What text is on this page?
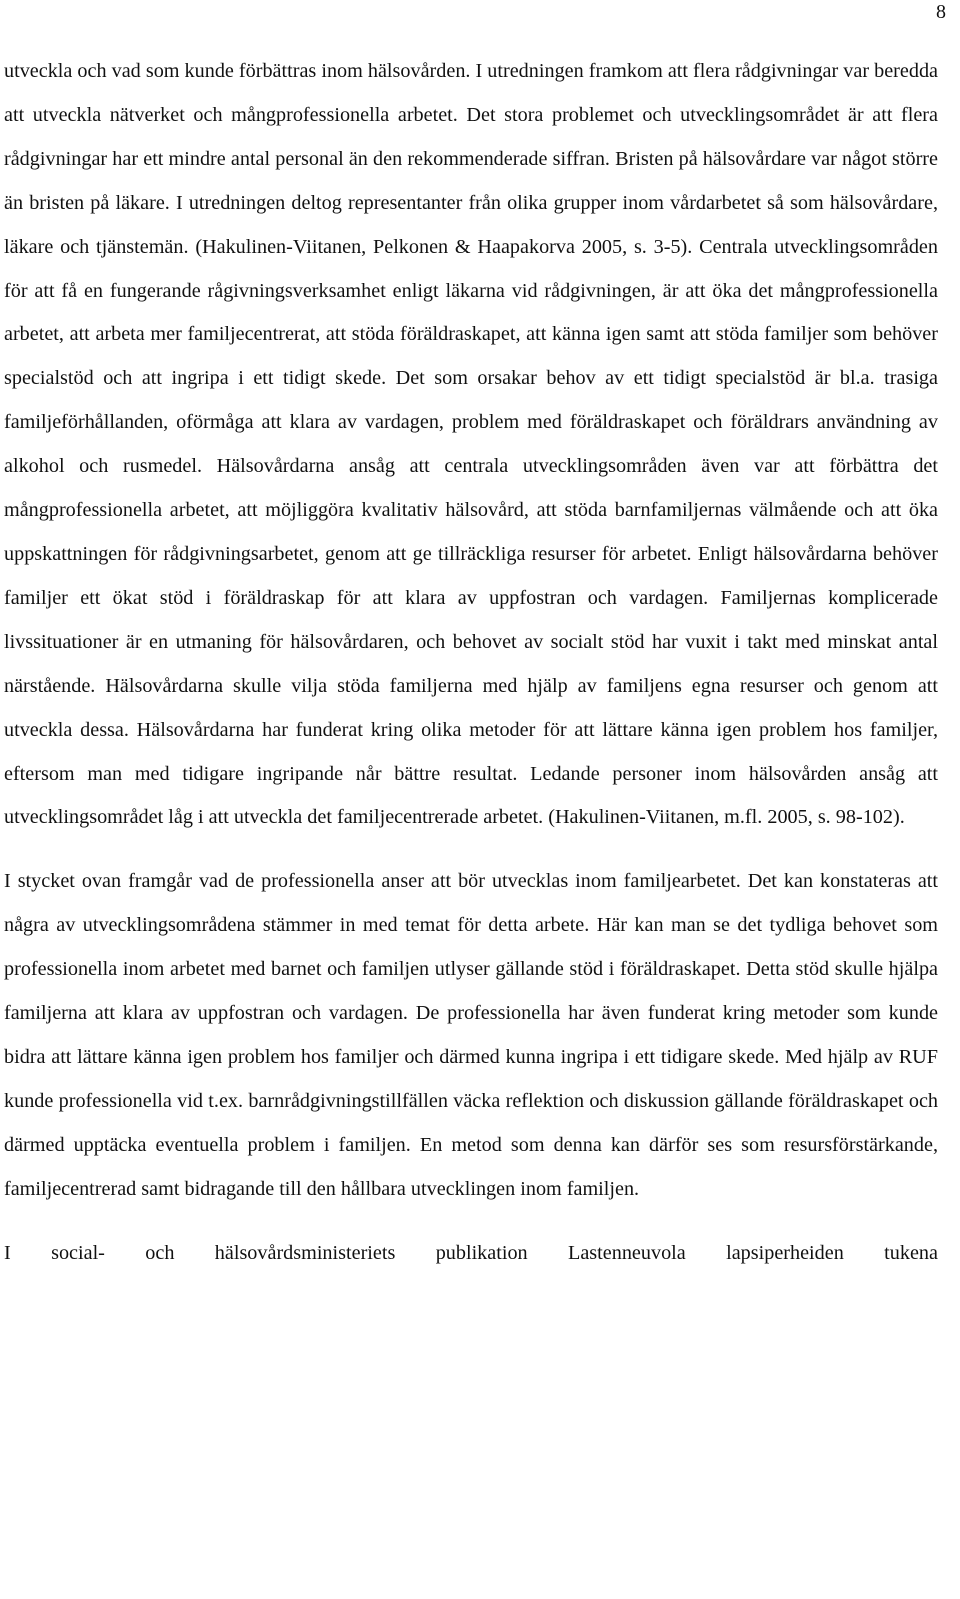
8

utveckla och vad som kunde förbättras inom hälsovården. I utredningen framkom att flera rådgivningar var beredda att utveckla nätverket och mångprofessionella arbetet. Det stora problemet och utvecklingsområdet är att flera rådgivningar har ett mindre antal personal än den rekommenderade siffran. Bristen på hälsovårdare var något större än bristen på läkare. I utredningen deltog representanter från olika grupper inom vårdarbetet så som hälsovårdare, läkare och tjänstemän. (Hakulinen-Viitanen, Pelkonen & Haapakorva 2005, s. 3-5). Centrala utvecklingsområden för att få en fungerande rågivningsverksamhet enligt läkarna vid rådgivningen, är att öka det mångprofessionella arbetet, att arbeta mer familjecentrerat, att stöda föräldraskapet, att känna igen samt att stöda familjer som behöver specialstöd och att ingripa i ett tidigt skede. Det som orsakar behov av ett tidigt specialstöd är bl.a. trasiga familjeförhållanden, oförmåga att klara av vardagen, problem med föräldraskapet och föräldrars användning av alkohol och rusmedel. Hälsovårdarna ansåg att centrala utvecklingsområden även var att förbättra det mångprofessionella arbetet, att möjliggöra kvalitativ hälsovård, att stöda barnfamiljernas välmående och att öka uppskattningen för rådgivningsarbetet, genom att ge tillräckliga resurser för arbetet. Enligt hälsovårdarna behöver familjer ett ökat stöd i föräldraskap för att klara av uppfostran och vardagen. Familjernas komplicerade livssituationer är en utmaning för hälsovårdaren, och behovet av socialt stöd har vuxit i takt med minskat antal närstående. Hälsovårdarna skulle vilja stöda familjerna med hjälp av familjens egna resurser och genom att utveckla dessa. Hälsovårdarna har funderat kring olika metoder för att lättare känna igen problem hos familjer, eftersom man med tidigare ingripande når bättre resultat. Ledande personer inom hälsovården ansåg att utvecklingsområdet låg i att utveckla det familjecentrerade arbetet. (Hakulinen-Viitanen, m.fl. 2005, s. 98-102).

I stycket ovan framgår vad de professionella anser att bör utvecklas inom familjearbetet. Det kan konstateras att några av utvecklingsområdena stämmer in med temat för detta arbete. Här kan man se det tydliga behovet som professionella inom arbetet med barnet och familjen utlyser gällande stöd i föräldraskapet. Detta stöd skulle hjälpa familjerna att klara av uppfostran och vardagen. De professionella har även funderat kring metoder som kunde bidra att lättare känna igen problem hos familjer och därmed kunna ingripa i ett tidigare skede. Med hjälp av RUF kunde professionella vid t.ex. barnrådgivningstillfällen väcka reflektion och diskussion gällande föräldraskapet och därmed upptäcka eventuella problem i familjen. En metod som denna kan därför ses som resursförstärkande, familjecentrerad samt bidragande till den hållbara utvecklingen inom familjen.

I social- och hälsovårdsministeriets publikation Lastenneuvola lapsiperheiden tukena
